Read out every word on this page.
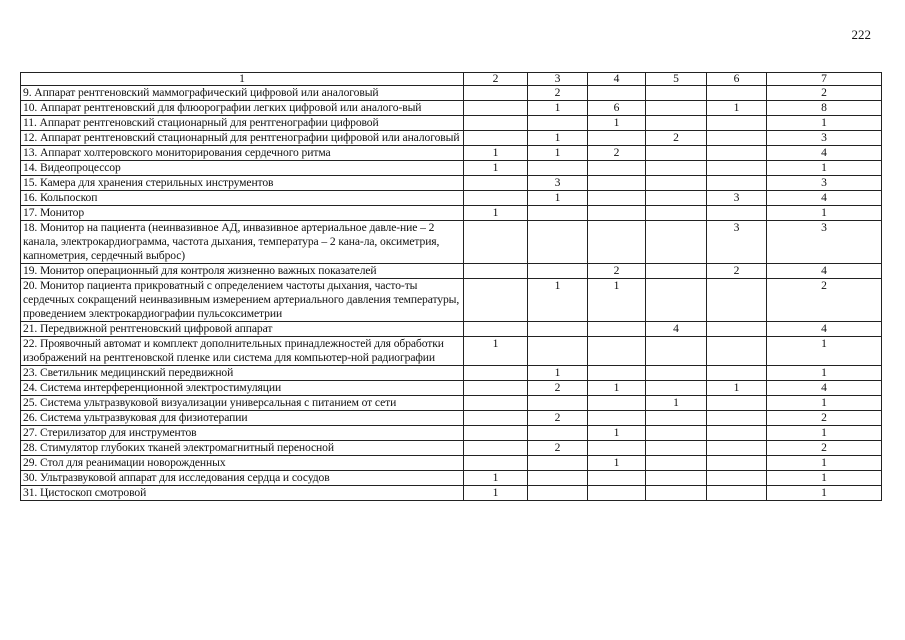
222
1	2	3	4	5	6	7
9. Аппарат рентгеновский маммографический цифровой или аналоговый		2				2
10. Аппарат рентгеновский для флюорографии легких цифровой или аналого-вый		1	6		1	8
11. Аппарат рентгеновский стационарный для рентгенографии цифровой			1			1
12. Аппарат рентгеновский стационарный для рентгенографии цифровой или аналоговый		1		2		3
13. Аппарат холтеровского мониторирования сердечного ритма	1	1	2			4
14. Видеопроцессор	1					1
15. Камера для хранения стерильных инструментов		3				3
16. Кольпоскоп		1			3	4
17. Монитор	1					1
18. Монитор на пациента (неинвазивное АД, инвазивное артериальное давле-ние – 2 канала, электрокардиограмма, частота дыхания, температура – 2 кана-ла, оксиметрия, капнометрия, сердечный выброс)					3	3
19. Монитор операционный для контроля жизненно важных показателей			2		2	4
20. Монитор пациента прикроватный с определением частоты дыхания, часто-ты сердечных сокращений неинвазивным измерением артериального давления температуры, проведением электрокардиографии пульсоксиметрии		1	1			2
21. Передвижной рентгеновский цифровой аппарат				4		4
22. Проявочный автомат и комплект дополнительных принадлежностей для обработки изображений на рентгеновской пленке или система для компьютер-ной радиографии	1					1
23. Светильник медицинский передвижной		1				1
24. Система интерференционной электростимуляции		2	1		1	4
25. Система ультразвуковой визуализации универсальная с питанием от сети				1		1
26. Система ультразвуковая для физиотерапии		2				2
27. Стерилизатор для инструментов			1			1
28. Стимулятор глубоких тканей электромагнитный переносной		2				2
29. Стол для реанимации новорожденных			1			1
30. Ультразвуковой аппарат для исследования сердца и сосудов	1					1
31. Цистоскоп смотровой	1					1
